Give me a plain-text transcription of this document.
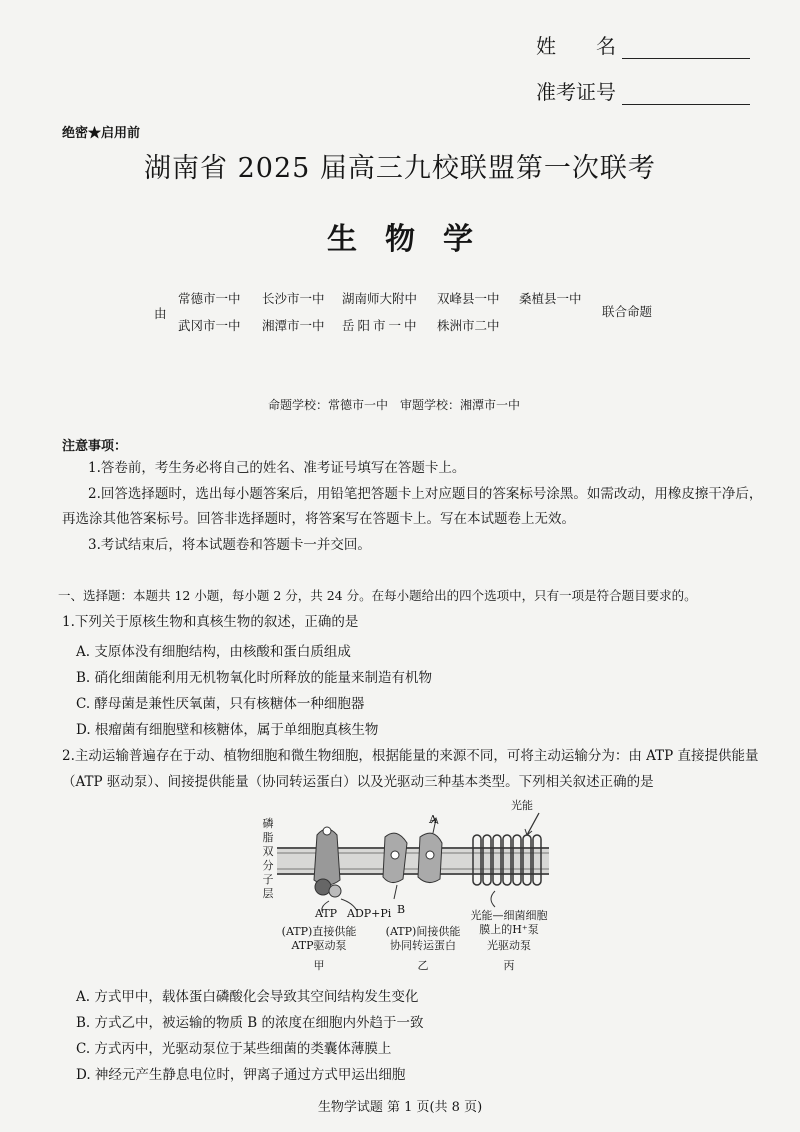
姓　　名
准考证号
绝密★启用前
湖南省 2025 届高三九校联盟第一次联考
生物学
由
常德市一中 长沙市一中 湖南师大附中 双峰县一中 桑植县一中
武冈市一中 湘潭市一中 岳阳市一中 株洲市二中
联合命题
命题学校：常德市一中　审题学校：湘潭市一中
注意事项：
1.答卷前，考生务必将自己的姓名、准考证号填写在答题卡上。
2.回答选择题时，选出每小题答案后，用铅笔把答题卡上对应题目的答案标号涂黑。如需改动，用橡皮擦干净后，
再选涂其他答案标号。回答非选择题时，将答案写在答题卡上。写在本试题卷上无效。
3.考试结束后，将本试题卷和答题卡一并交回。
一、选择题：本题共 12 小题，每小题 2 分，共 24 分。在每小题给出的四个选项中，只有一项是符合题目要求的。
1.下列关于原核生物和真核生物的叙述，正确的是
A. 支原体没有细胞结构，由核酸和蛋白质组成
B. 硝化细菌能利用无机物氧化时所释放的能量来制造有机物
C. 酵母菌是兼性厌氧菌，只有核糖体一种细胞器
D. 根瘤菌有细胞壁和核糖体，属于单细胞真核生物
2.主动运输普遍存在于动、植物细胞和微生物细胞，根据能量的来源不同，可将主动运输分为：由 ATP 直接提供能量
（ATP 驱动泵）、间接提供能量（协同转运蛋白）以及光驱动三种基本类型。下列相关叙述正确的是
磷
脂
双
分
子
层
光能
A
B
ATP ADP+Pi
(ATP)直接供能
ATP驱动泵
甲
(ATP)间接供能
协同转运蛋白
乙
光能—细菌细胞
膜上的H⁺泵
光驱动泵
丙
A. 方式甲中，载体蛋白磷酸化会导致其空间结构发生变化
B. 方式乙中，被运输的物质 B 的浓度在细胞内外趋于一致
C. 方式丙中，光驱动泵位于某些细菌的类囊体薄膜上
D. 神经元产生静息电位时，钾离子通过方式甲运出细胞
生物学试题 第 1 页(共 8 页)
